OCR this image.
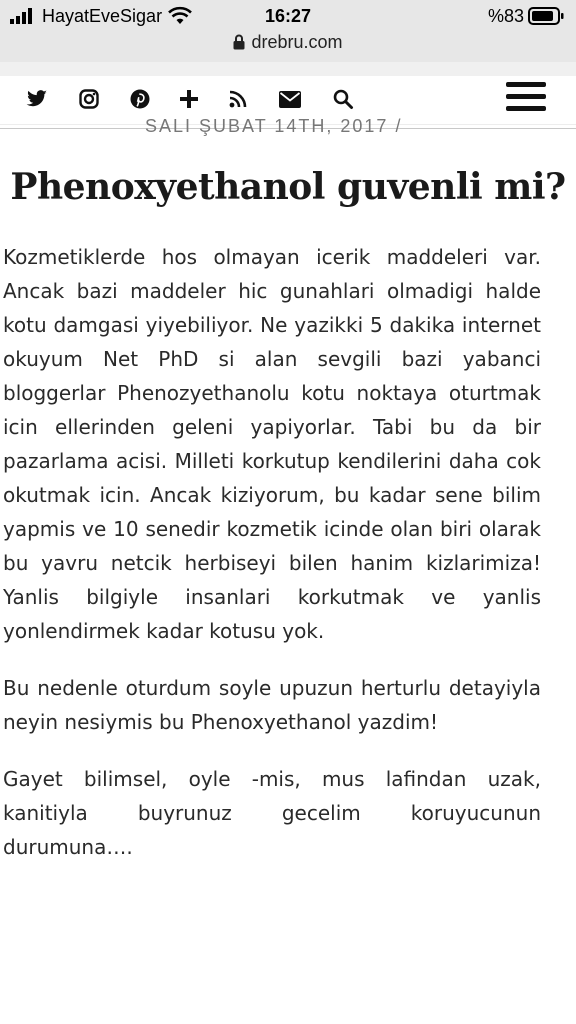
HayatEveSigar	16:27	%83
drebru.com
SALI ŞUBAT 14TH, 2017 /
Phenoxyethanol guvenli mi?

Kozmetiklerde hos olmayan icerik maddeleri var. Ancak bazi maddeler hic gunahlari olmadigi halde kotu damgasi yiyebiliyor. Ne yazikki 5 dakika internet okuyum Net PhD si alan sevgili bazi yabanci bloggerlar Phenozyethanolu kotu noktaya oturtmak icin ellerinden geleni yapiyorlar. Tabi bu da bir pazarlama acisi. Milleti korkutup kendilerini daha cok okutmak icin. Ancak kiziyorum, bu kadar sene bilim yapmis ve 10 senedir kozmetik icinde olan biri olarak bu yavru netcik herbiseyi bilen hanim kizlarimiza! Yanlis bilgiyle insanlari korkutmak ve yanlis yonlendirmek kadar kotusu yok.

Bu nedenle oturdum soyle upuzun herturlu detayiyla neyin nesiymis bu Phenoxyethanol yazdim!

Gayet bilimsel, oyle -mis, mus lafindan uzak, kanitiyla buyrunuz gecelim koruyucunun durumuna….
